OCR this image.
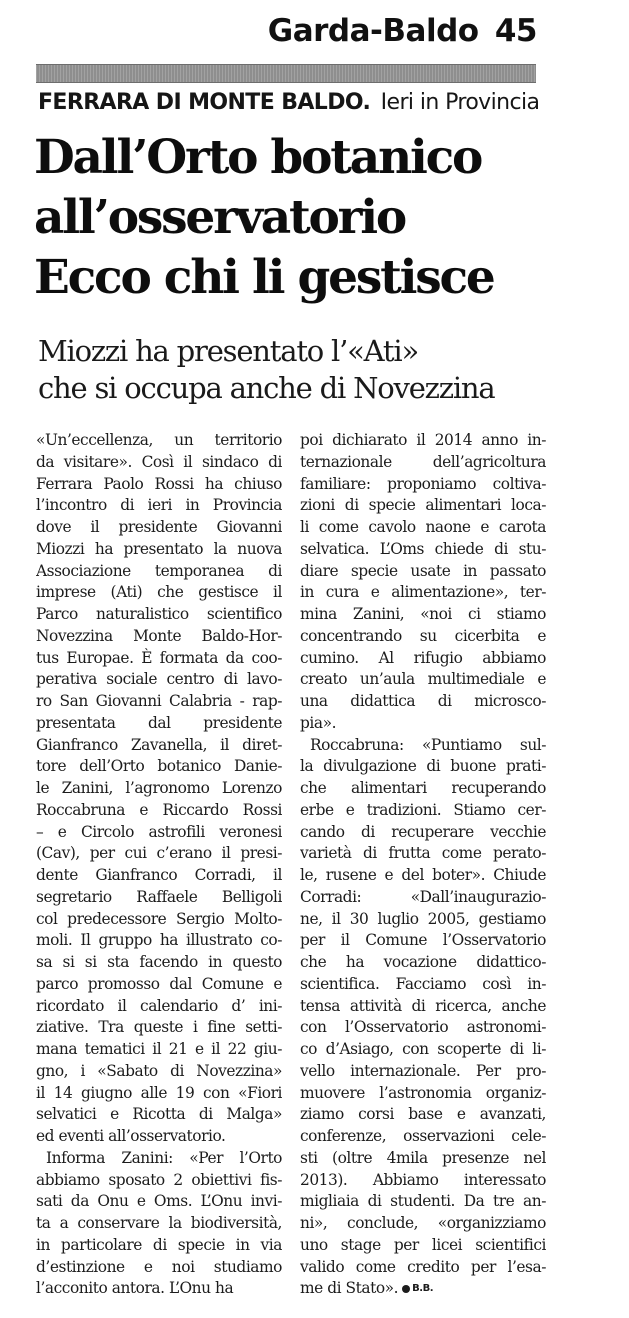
Garda-Baldo 45
FERRARA DI MONTE BALDO. Ieri in Provincia
Dall’Orto botanico
all’osservatorio
Ecco chi li gestisce
Miozzi ha presentato l’«Ati»
che si occupa anche di Novezzina
«Un’eccellenza, un territorio
da visitare». Così il sindaco di
Ferrara Paolo Rossi ha chiuso
l’incontro di ieri in Provincia
dove il presidente Giovanni
Miozzi ha presentato la nuova
Associazione temporanea di
imprese (Ati) che gestisce il
Parco naturalistico scientifico
Novezzina Monte Baldo-Hor-
tus Europae. È formata da coo-
perativa sociale centro di lavo-
ro San Giovanni Calabria - rap-
presentata dal presidente
Gianfranco Zavanella, il diret-
tore dell’Orto botanico Danie-
le Zanini, l’agronomo Lorenzo
Roccabruna e Riccardo Rossi
– e Circolo astrofili veronesi
(Cav), per cui c’erano il presi-
dente Gianfranco Corradi, il
segretario Raffaele Belligoli
col predecessore Sergio Molto-
moli. Il gruppo ha illustrato co-
sa si si sta facendo in questo
parco promosso dal Comune e
ricordato il calendario d’ ini-
ziative. Tra queste i fine setti-
mana tematici il 21 e il 22 giu-
gno, i «Sabato di Novezzina»
il 14 giugno alle 19 con «Fiori
selvatici e Ricotta di Malga»
ed eventi all’osservatorio.
Informa Zanini: «Per l’Orto
abbiamo sposato 2 obiettivi fis-
sati da Onu e Oms. L’Onu invi-
ta a conservare la biodiversità,
in particolare di specie in via
d’estinzione e noi studiamo
l’acconito antora. L’Onu ha
poi dichiarato il 2014 anno in-
ternazionale dell’agricoltura
familiare: proponiamo coltiva-
zioni di specie alimentari loca-
li come cavolo naone e carota
selvatica. L’Oms chiede di stu-
diare specie usate in passato
in cura e alimentazione», ter-
mina Zanini, «noi ci stiamo
concentrando su cicerbita e
cumino. Al rifugio abbiamo
creato un’aula multimediale e
una didattica di microsco-
pia».
Roccabruna: «Puntiamo sul-
la divulgazione di buone prati-
che alimentari recuperando
erbe e tradizioni. Stiamo cer-
cando di recuperare vecchie
varietà di frutta come perato-
le, rusene e del boter». Chiude
Corradi: «Dall’inaugurazio-
ne, il 30 luglio 2005, gestiamo
per il Comune l’Osservatorio
che ha vocazione didattico-
scientifica. Facciamo così in-
tensa attività di ricerca, anche
con l’Osservatorio astronomi-
co d’Asiago, con scoperte di li-
vello internazionale. Per pro-
muovere l’astronomia organiz-
ziamo corsi base e avanzati,
conferenze, osservazioni cele-
sti (oltre 4mila presenze nel
2013). Abbiamo interessato
migliaia di studenti. Da tre an-
ni», conclude, «organizziamo
uno stage per licei scientifici
valido come credito per l’esa-
me di Stato». B.B.
